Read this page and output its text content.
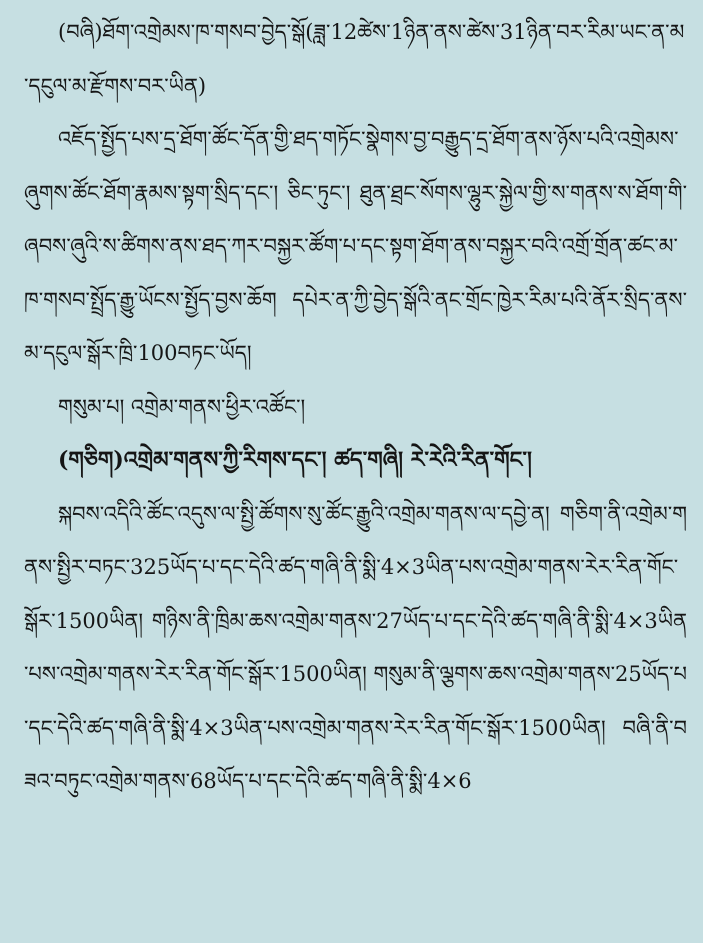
(བཞི)ཐོག་འགྲེམས་ཁ་གསབ་བྱེད་སྒོ(ཟླ་12ཚེས་1ཉིན་ནས་ཚེས་31ཉིན་བར་རིམ་ཡང་ན་མ་དངུལ་མ་རྫོགས་བར་ཡིན)

འཇོད་སྤྱོད་པས་དྲ་ཐོག་ཚོང་དོན་གྱི་ཐད་གཏོང་སྣེགས་བྱ་བརྒྱུད་དྲ་ཐོག་ནས་ཉོས་པའི་འགྲེམས་ཞུགས་ཚོང་ཐོག་རྣམས་སྟག་སྲིད་དང་། ཅིང་ཏུང་། ཐུན་ཐྲང་སོགས་ལྷུར་སྐྱེལ་གྱི་ས་གནས་ས་ཐོག་གི་ཞབས་ཞུའི་ས་ཚིགས་ནས་ཐད་ཀར་བསྐྱར་ཚོག་པ་དང་སྟག་ཐོག་ནས་བསྐྱར་བའི་འགྲོ་གྲོན་ཚང་མ་ཁ་གསབ་སྤྲོད་རྒྱུ་ཡོངས་སྤྱོད་བྱས་ཆོག དཔེར་ན་ཀྱི་བྱེད་སྒོའི་ནང་གྲོང་ཁྱེར་རིམ་པའི་ནོར་སྲིད་ནས་མ་དངུལ་སྒོར་ཁྲི་100བཏང་ཡོད།

གསུམ་པ། འགྲེམ་གནས་ཕྱིར་འཚོང་།

(གཅིག)འགྲེམ་གནས་ཀྱི་རིགས་དང་། ཚད་གཞི། རེ་རེའི་རིན་གོང་།

སྐབས་འདིའི་ཚོང་འདུས་ལ་སྤྱི་ཚོགས་སུ་ཚོང་རྒྱུའི་འགྲེམ་གནས་ལ་དབྱེ་ན། གཅིག་ནི་འགྲེམ་གནས་སྤྱིར་བཏང་325ཡོད་པ་དང་དེའི་ཚད་གཞི་ནི་སྨི་4×3ཡིན་པས་འགྲེམ་གནས་རེར་རིན་གོང་སྒོར་1500ཡིན། གཉིས་ནི་ཁྲིམ་ཆས་འགྲེམ་གནས་27ཡོད་པ་དང་དེའི་ཚད་གཞི་ནི་སྨི་4×3ཡིན་པས་འགྲེམ་གནས་རེར་རིན་གོང་སྒོར་1500ཡིན། གསུམ་ནི་ལྕགས་ཆས་འགྲེམ་གནས་25ཡོད་པ་དང་དེའི་ཚད་གཞི་ནི་སྨི་4×3ཡིན་པས་འགྲེམ་གནས་རེར་རིན་གོང་སྒོར་1500ཡིན། བཞི་ནི་བཟའ་བཏུང་འགྲེམ་གནས་68ཡོད་པ་དང་དེའི་ཚད་གཞི་ནི་སྨི་4×6
